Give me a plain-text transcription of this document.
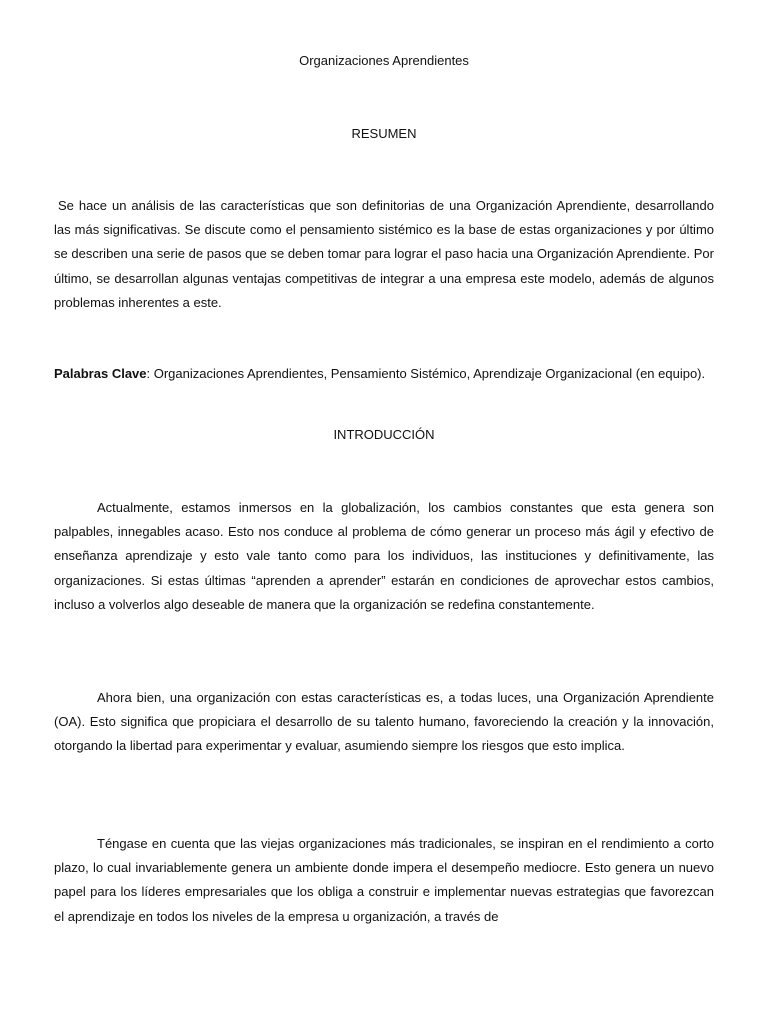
Organizaciones Aprendientes
RESUMEN

Se hace un análisis de las características que son definitorias de una Organización Aprendiente, desarrollando las más significativas. Se discute como el pensamiento sistémico es la base de estas organizaciones y por último se describen una serie de pasos que se deben tomar para lograr el paso hacia una Organización Aprendiente. Por último, se desarrollan algunas ventajas competitivas de integrar a una empresa este modelo, además de algunos problemas inherentes a este.

Palabras Clave: Organizaciones Aprendientes, Pensamiento Sistémico, Aprendizaje Organizacional (en equipo).

INTRODUCCIÓN

Actualmente, estamos inmersos en la globalización, los cambios constantes que esta genera son palpables, innegables acaso. Esto nos conduce al problema de cómo generar un proceso más ágil y efectivo de enseñanza aprendizaje y esto vale tanto como para los individuos, las instituciones y definitivamente, las organizaciones. Si estas últimas “aprenden a aprender” estarán en condiciones de aprovechar estos cambios, incluso a volverlos algo deseable de manera que la organización se redefina constantemente.

Ahora bien, una organización con estas características es, a todas luces, una Organización Aprendiente (OA). Esto significa que propiciara el desarrollo de su talento humano, favoreciendo la creación y la innovación, otorgando la libertad para experimentar y evaluar, asumiendo siempre los riesgos que esto implica.

Téngase en cuenta que las viejas organizaciones más tradicionales, se inspiran en el rendimiento a corto plazo, lo cual invariablemente genera un ambiente donde impera el desempeño mediocre. Esto genera un nuevo papel para los líderes empresariales que los obliga a construir e implementar nuevas estrategias que favorezcan el aprendizaje en todos los niveles de la empresa u organización, a través de
